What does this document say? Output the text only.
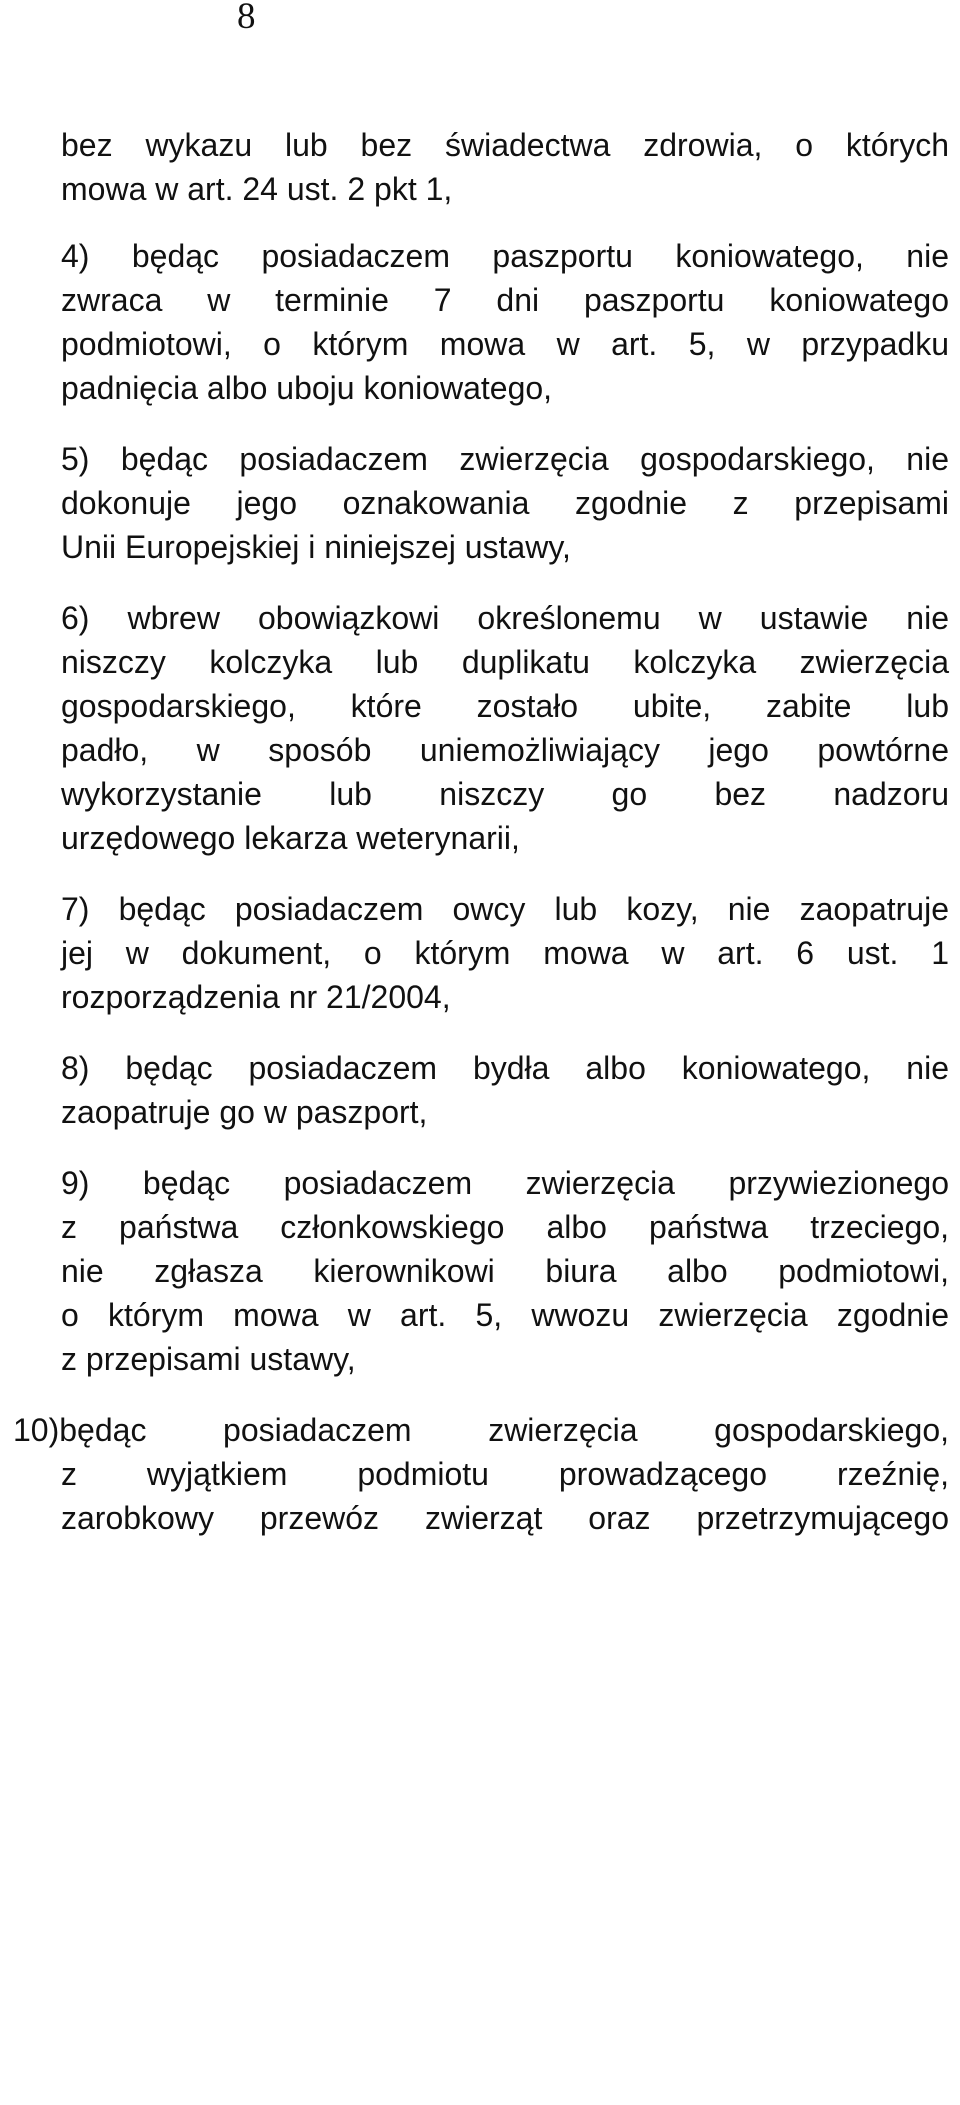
8
bez wykazu lub bez świadectwa zdrowia, o których
mowa w art. 24 ust. 2 pkt 1,
4) będąc posiadaczem paszportu koniowatego, nie
zwraca w terminie 7 dni paszportu koniowatego
podmiotowi, o którym mowa w art. 5, w przypadku
padnięcia albo uboju koniowatego,
5) będąc posiadaczem zwierzęcia gospodarskiego, nie
dokonuje jego oznakowania zgodnie z przepisami
Unii Europejskiej i niniejszej ustawy,
6) wbrew obowiązkowi określonemu w ustawie nie
niszczy kolczyka lub duplikatu kolczyka zwierzęcia
gospodarskiego, które zostało ubite, zabite lub
padło, w sposób uniemożliwiający jego powtórne
wykorzystanie lub niszczy go bez nadzoru
urzędowego lekarza weterynarii,
7) będąc posiadaczem owcy lub kozy, nie zaopatruje
jej w dokument, o którym mowa w art. 6 ust. 1
rozporządzenia nr 21/2004,
8) będąc posiadaczem bydła albo koniowatego, nie
zaopatruje go w paszport,
9) będąc posiadaczem zwierzęcia przywiezionego
z państwa członkowskiego albo państwa trzeciego,
nie zgłasza kierownikowi biura albo podmiotowi,
o którym mowa w art. 5, wwozu zwierzęcia zgodnie
z przepisami ustawy,
10)będąc posiadaczem zwierzęcia gospodarskiego,
z wyjątkiem podmiotu prowadzącego rzeźnię,
zarobkowy przewóz zwierząt oraz przetrzymującego
